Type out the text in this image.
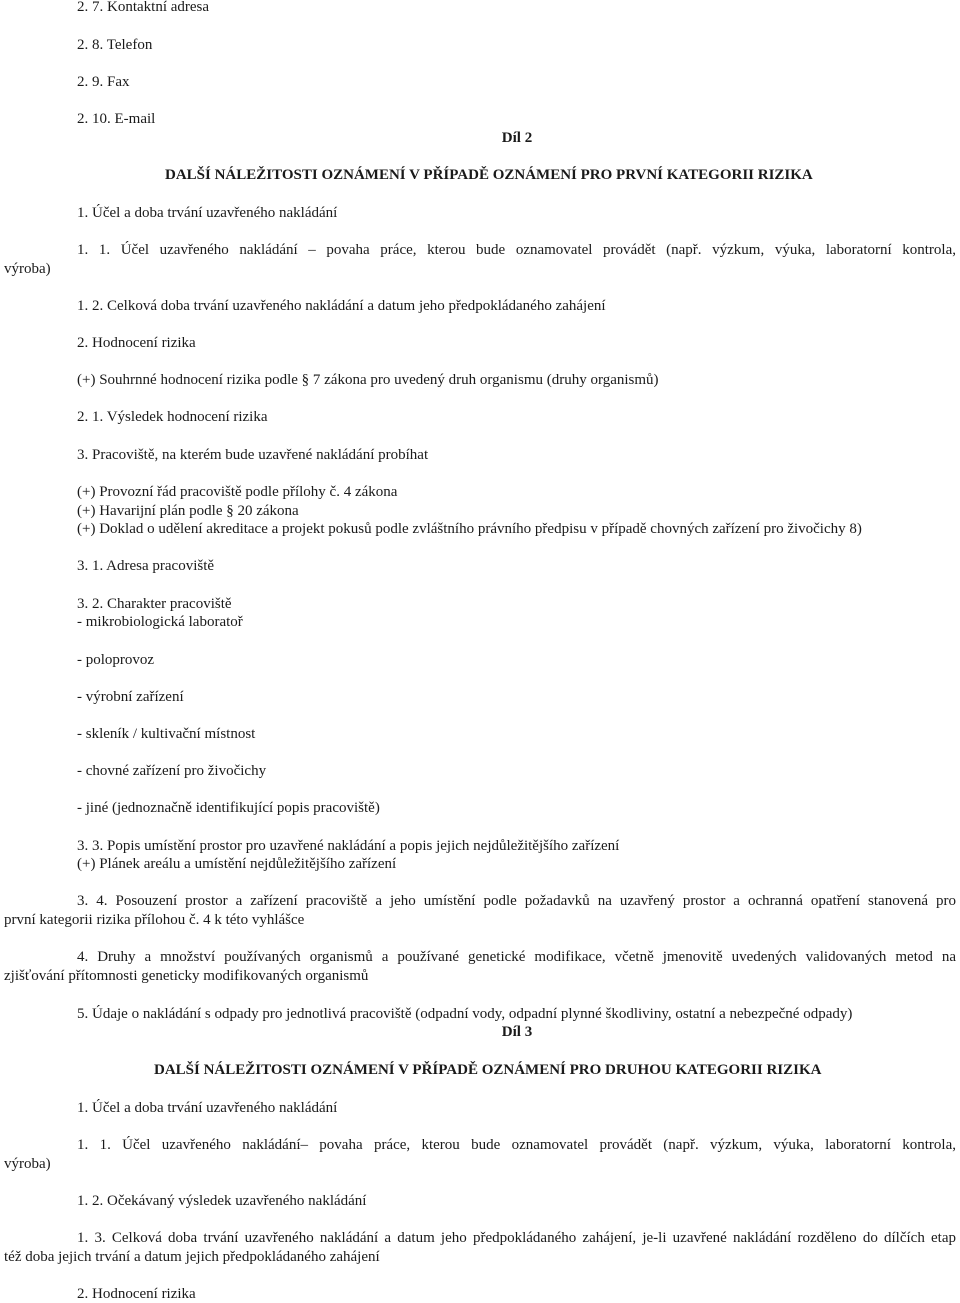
2. 7. Kontaktní adresa
2. 8. Telefon
2. 9. Fax
2. 10. E-mail
Díl 2
DALŠÍ NÁLEŽITOSTI OZNÁMENÍ V PŘÍPADĚ OZNÁMENÍ PRO PRVNÍ KATEGORII RIZIKA
1. Účel a doba trvání uzavřeného nakládání
1. 1. Účel uzavřeného nakládání – povaha práce, kterou bude oznamovatel provádět (např. výzkum, výuka, laboratorní kontrola,
výroba)
1. 2. Celková doba trvání uzavřeného nakládání a datum jeho předpokládaného zahájení
2. Hodnocení rizika
(+) Souhrnné hodnocení rizika podle § 7 zákona pro uvedený druh organismu (druhy organismů)
2. 1. Výsledek hodnocení rizika
3. Pracoviště, na kterém bude uzavřené nakládání probíhat
(+) Provozní řád pracoviště podle přílohy č. 4 zákona
(+) Havarijní plán podle § 20 zákona
(+) Doklad o udělení akreditace a projekt pokusů podle zvláštního právního předpisu v případě chovných zařízení pro živočichy 8)
3. 1. Adresa pracoviště
3. 2. Charakter pracoviště
- mikrobiologická laboratoř
- poloprovoz
- výrobní zařízení
- skleník / kultivační místnost
- chovné zařízení pro živočichy
- jiné (jednoznačně identifikující popis pracoviště)
3. 3. Popis umístění prostor pro uzavřené nakládání a popis jejich nejdůležitějšího zařízení
(+) Plánek areálu a umístění nejdůležitějšího zařízení
3. 4. Posouzení prostor a zařízení pracoviště a jeho umístění podle požadavků na uzavřený prostor a ochranná opatření stanovená pro
první kategorii rizika přílohou č. 4 k této vyhlášce
4. Druhy a množství používaných organismů a používané genetické modifikace, včetně jmenovitě uvedených validovaných metod na
zjišťování přítomnosti geneticky modifikovaných organismů
5. Údaje o nakládání s odpady pro jednotlivá pracoviště (odpadní vody, odpadní plynné škodliviny, ostatní a nebezpečné odpady)
Díl 3
DALŠÍ NÁLEŽITOSTI OZNÁMENÍ V PŘÍPADĚ OZNÁMENÍ PRO DRUHOU KATEGORII RIZIKA
1. Účel a doba trvání uzavřeného nakládání
1. 1. Účel uzavřeného nakládání– povaha práce, kterou bude oznamovatel provádět (např. výzkum, výuka, laboratorní kontrola,
výroba)
1. 2. Očekávaný výsledek uzavřeného nakládání
1. 3. Celková doba trvání uzavřeného nakládání a datum jeho předpokládaného zahájení, je-li uzavřené nakládání rozděleno do dílčích etap
též doba jejich trvání a datum jejich předpokládaného zahájení
2. Hodnocení rizika
